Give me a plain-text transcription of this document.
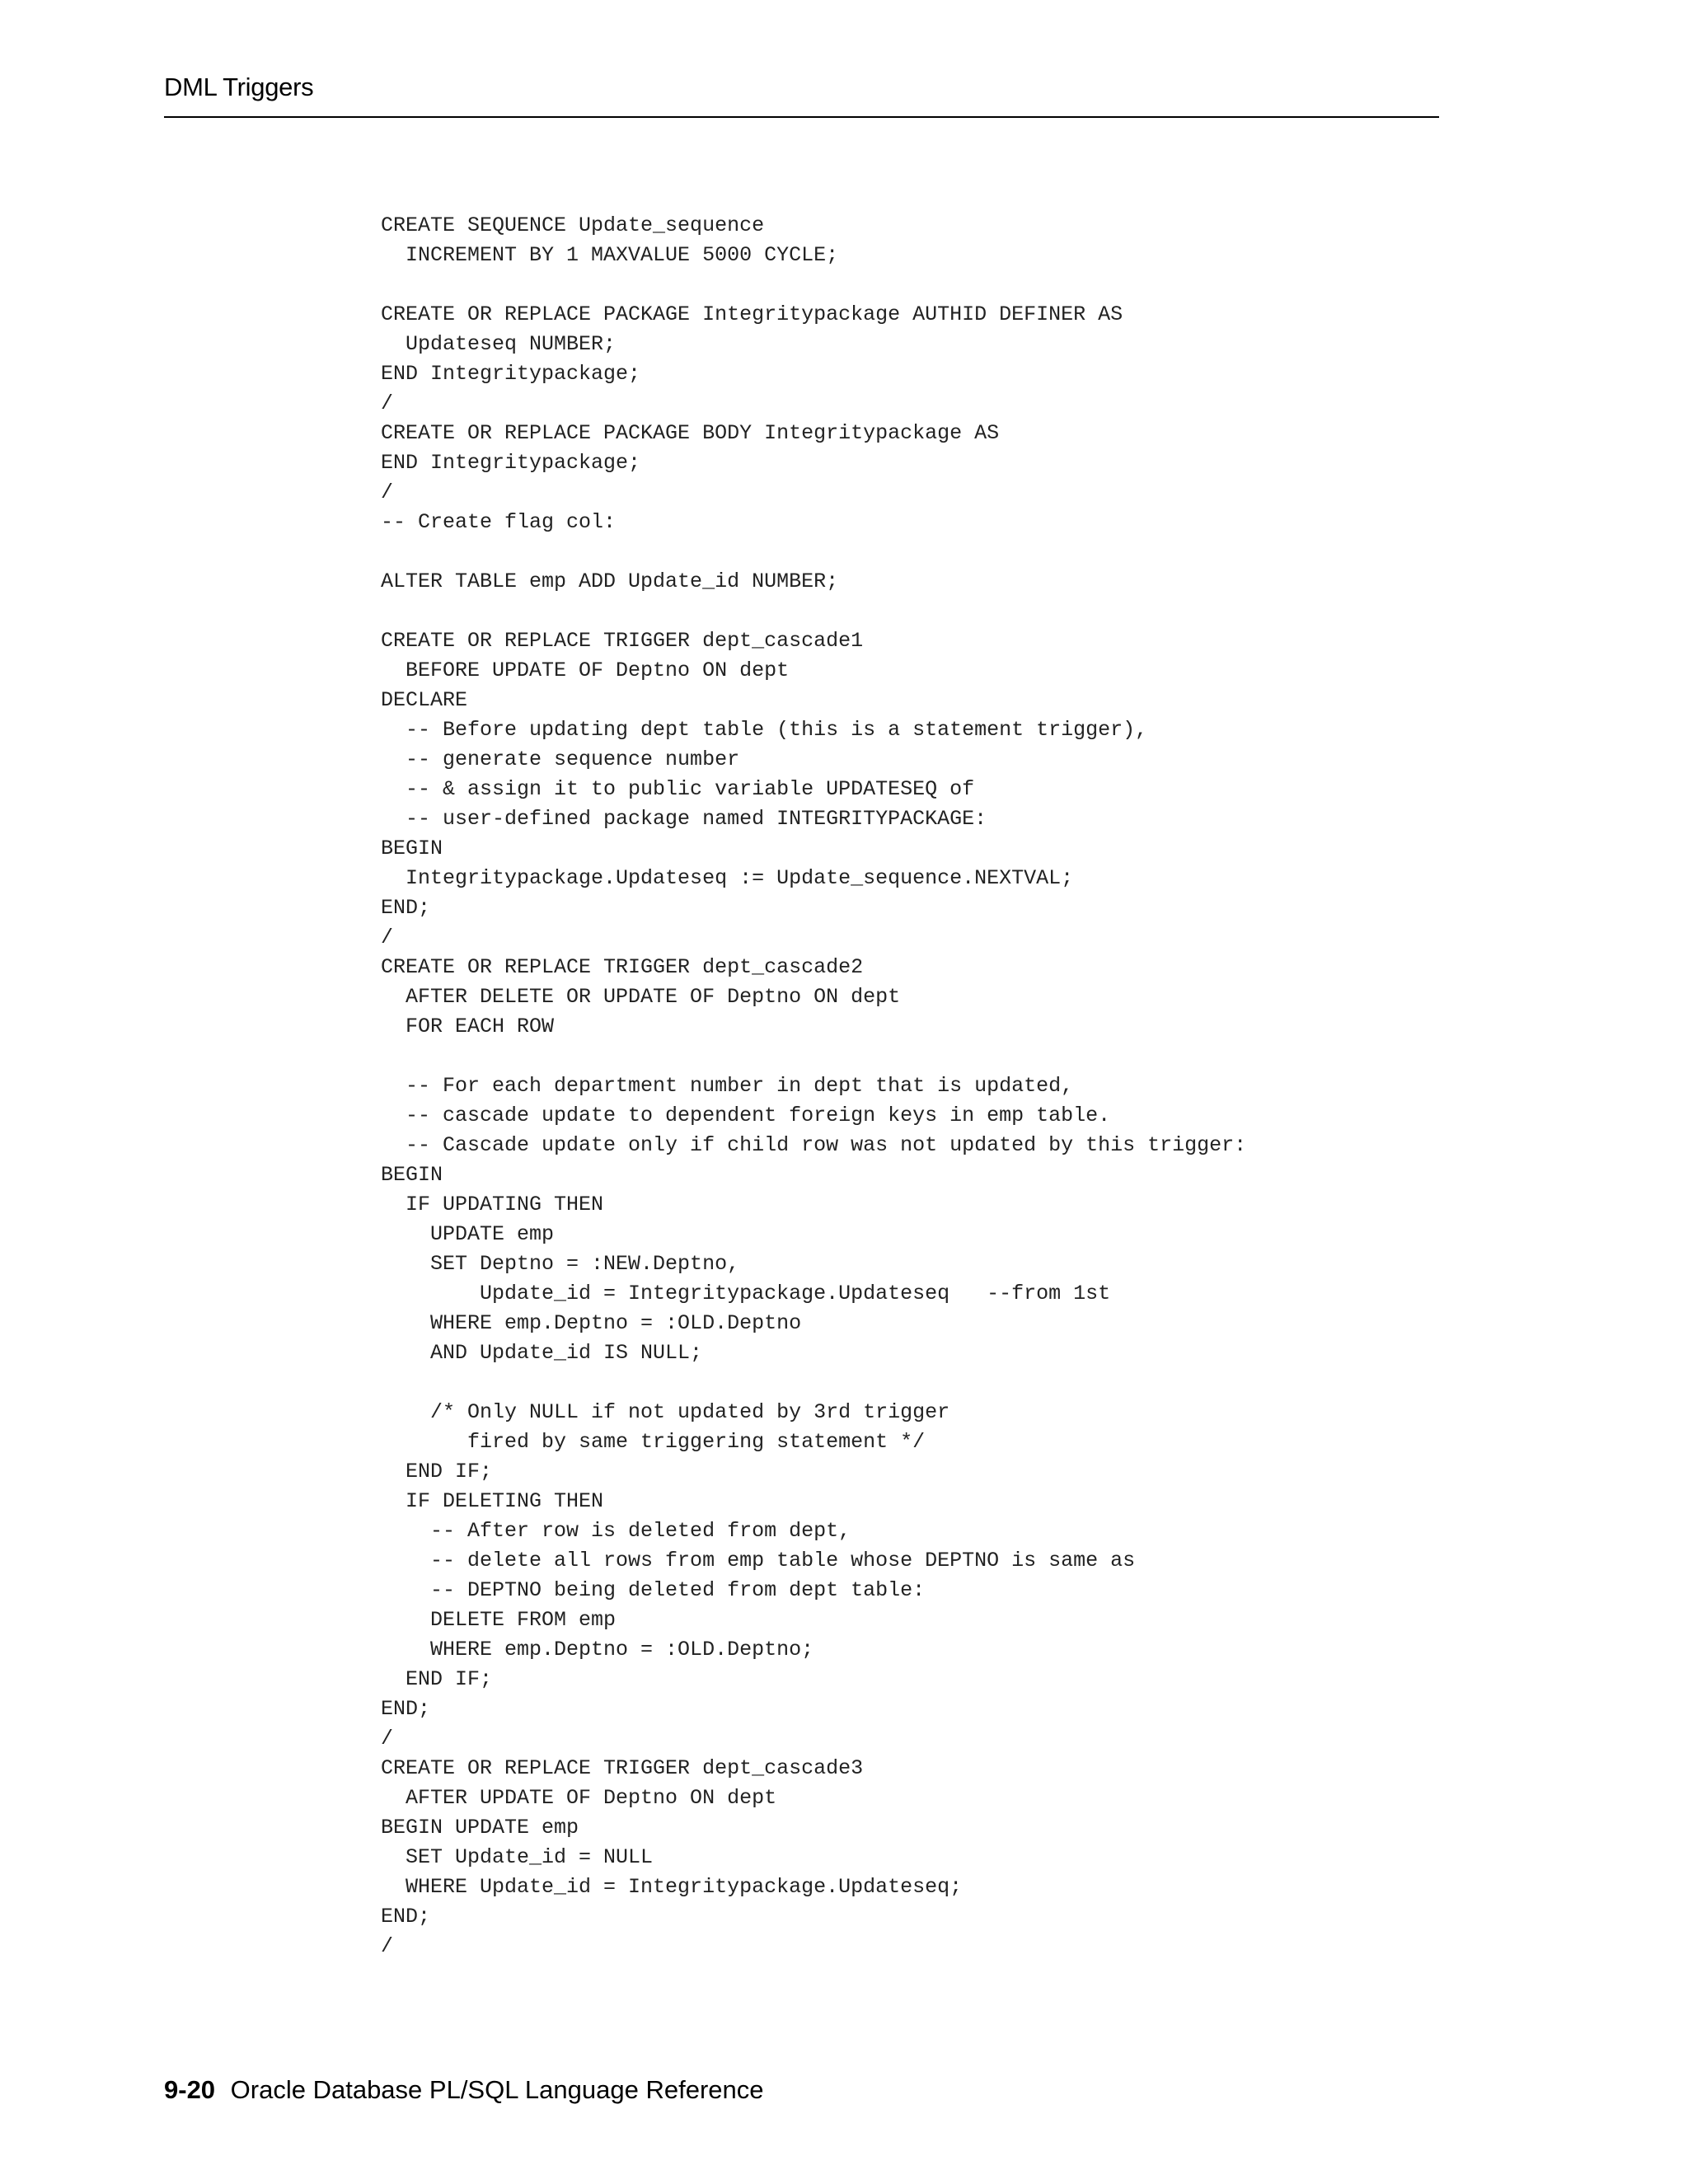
DML Triggers
CREATE SEQUENCE Update_sequence
INCREMENT BY 1 MAXVALUE 5000 CYCLE;
CREATE OR REPLACE PACKAGE Integritypackage AUTHID DEFINER AS
Updateseq NUMBER;
END Integritypackage;
/
CREATE OR REPLACE PACKAGE BODY Integritypackage AS
END Integritypackage;
/
-- Create flag col:
ALTER TABLE emp ADD Update_id NUMBER;
CREATE OR REPLACE TRIGGER dept_cascade1
BEFORE UPDATE OF Deptno ON dept
DECLARE
-- Before updating dept table (this is a statement trigger),
-- generate sequence number
-- & assign it to public variable UPDATESEQ of
-- user-defined package named INTEGRITYPACKAGE:
BEGIN
Integritypackage.Updateseq := Update_sequence.NEXTVAL;
END;
/
CREATE OR REPLACE TRIGGER dept_cascade2
AFTER DELETE OR UPDATE OF Deptno ON dept
FOR EACH ROW
-- For each department number in dept that is updated,
-- cascade update to dependent foreign keys in emp table.
-- Cascade update only if child row was not updated by this trigger:
BEGIN
IF UPDATING THEN
UPDATE emp
SET Deptno = :NEW.Deptno,
Update_id = Integritypackage.Updateseq   --from 1st
WHERE emp.Deptno = :OLD.Deptno
AND Update_id IS NULL;
/* Only NULL if not updated by 3rd trigger
fired by same triggering statement */
END IF;
IF DELETING THEN
-- After row is deleted from dept,
-- delete all rows from emp table whose DEPTNO is same as
-- DEPTNO being deleted from dept table:
DELETE FROM emp
WHERE emp.Deptno = :OLD.Deptno;
END IF;
END;
/
CREATE OR REPLACE TRIGGER dept_cascade3
AFTER UPDATE OF Deptno ON dept
BEGIN UPDATE emp
SET Update_id = NULL
WHERE Update_id = Integritypackage.Updateseq;
END;
/
9-20 Oracle Database PL/SQL Language Reference
